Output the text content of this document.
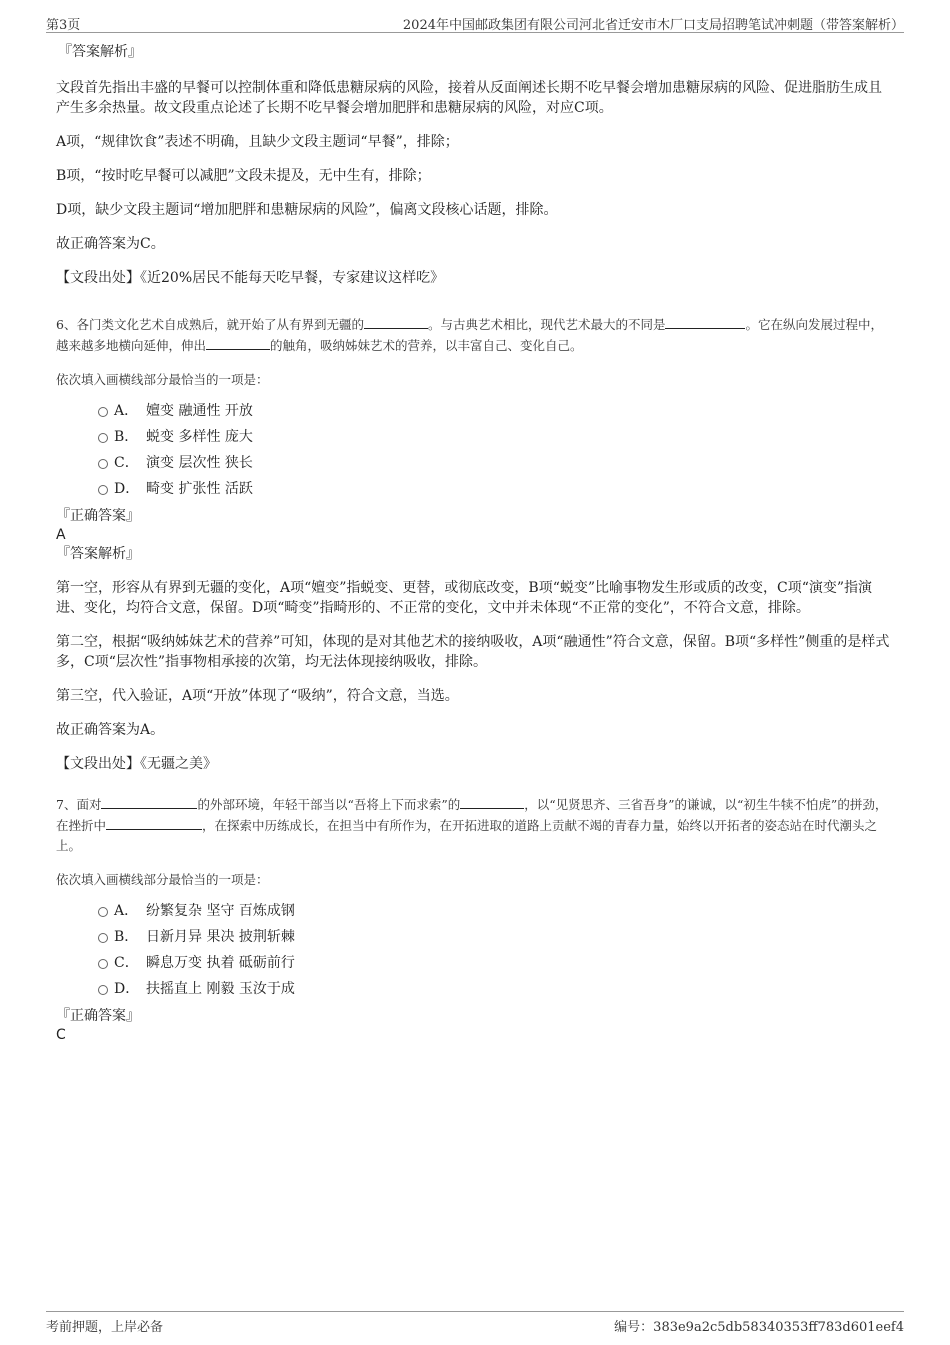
第3页	2024年中国邮政集团有限公司河北省迁安市木厂口支局招聘笔试冲刺题（带答案解析）
『答案解析』

文段首先指出丰盛的早餐可以控制体重和降低患糖尿病的风险，接着从反面阐述长期不吃早餐会增加患糖尿病的风险、促进脂肪生成且产生多余热量。故文段重点论述了长期不吃早餐会增加肥胖和患糖尿病的风险，对应C项。

A项，“规律饮食”表述不明确，且缺少文段主题词“早餐”，排除；

B项，“按时吃早餐可以减肥”文段未提及，无中生有，排除；

D项，缺少文段主题词“增加肥胖和患糖尿病的风险”，偏离文段核心话题，排除。

故正确答案为C。

【文段出处】《近20%居民不能每天吃早餐，专家建议这样吃》

6、各门类文化艺术自成熟后，就开始了从有界到无疆的	。与古典艺术相比，现代艺术最大的不同是	。它在纵向发展过程中，越来越多地横向延伸，伸出	的触角，吸纳姊妹艺术的营养，以丰富自己、变化自己。

依次填入画横线部分最恰当的一项是：

A． 嬗变 融通性 开放
B． 蜕变 多样性 庞大
C． 演变 层次性 狭长
D． 畸变 扩张性 活跃
『正确答案』

A

『答案解析』

第一空，形容从有界到无疆的变化，A项“嬗变”指蜕变、更替，或彻底改变，B项“蜕变”比喻事物发生形或质的改变，C项“演变”指演进、变化，均符合文意，保留。D项“畸变”指畸形的、不正常的变化，文中并未体现“不正常的变化”，不符合文意，排除。

第二空，根据“吸纳姊妹艺术的营养”可知，体现的是对其他艺术的接纳吸收，A项“融通性”符合文意，保留。B项“多样性”侧重的是样式多，C项“层次性”指事物相承接的次第，均无法体现接纳吸收，排除。

第三空，代入验证，A项“开放”体现了“吸纳”，符合文意，当选。

故正确答案为A。

【文段出处】《无疆之美》

7、面对	的外部环境，年轻干部当以“吾将上下而求索”的	，以“见贤思齐、三省吾身”的谦诚，以“初生牛犊不怕虎”的拼劲，在挫折中	，在探索中历练成长，在担当中有所作为，在开拓进取的道路上贡献不竭的青春力量，始终以开拓者的姿态站在时代潮头之上。

依次填入画横线部分最恰当的一项是：

A． 纷繁复杂 坚守 百炼成钢
B． 日新月异 果决 披荆斩棘
C． 瞬息万变 执着 砥砺前行
D． 扶摇直上 刚毅 玉汝于成
『正确答案』

C

考前押题，上岸必备	编号：383e9a2c5db58340353ff783d601eef4
